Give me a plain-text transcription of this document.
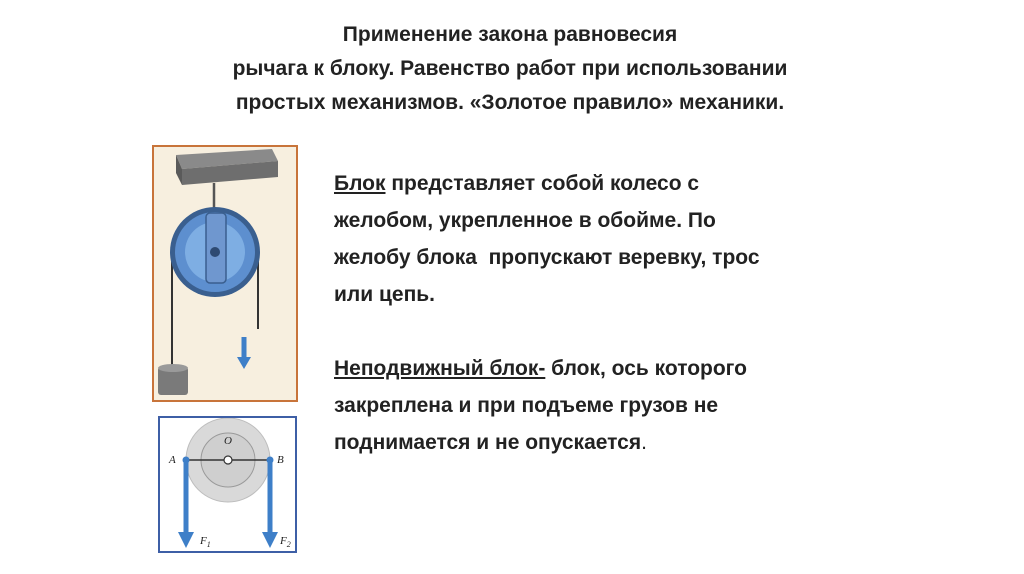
Применение закона равновесия
рычага к блоку. Равенство работ при использовании
простых механизмов. «Золотое правило» механики.
O
A	B
$F_1$	$F_2$
Блок представляет собой колесо с
желобом, укрепленное в обойме. По
желобу блока  пропускают веревку, трос
или цепь.
Неподвижный блок- блок, ось которого
закреплена и при подъеме грузов не
поднимается и не опускается.
